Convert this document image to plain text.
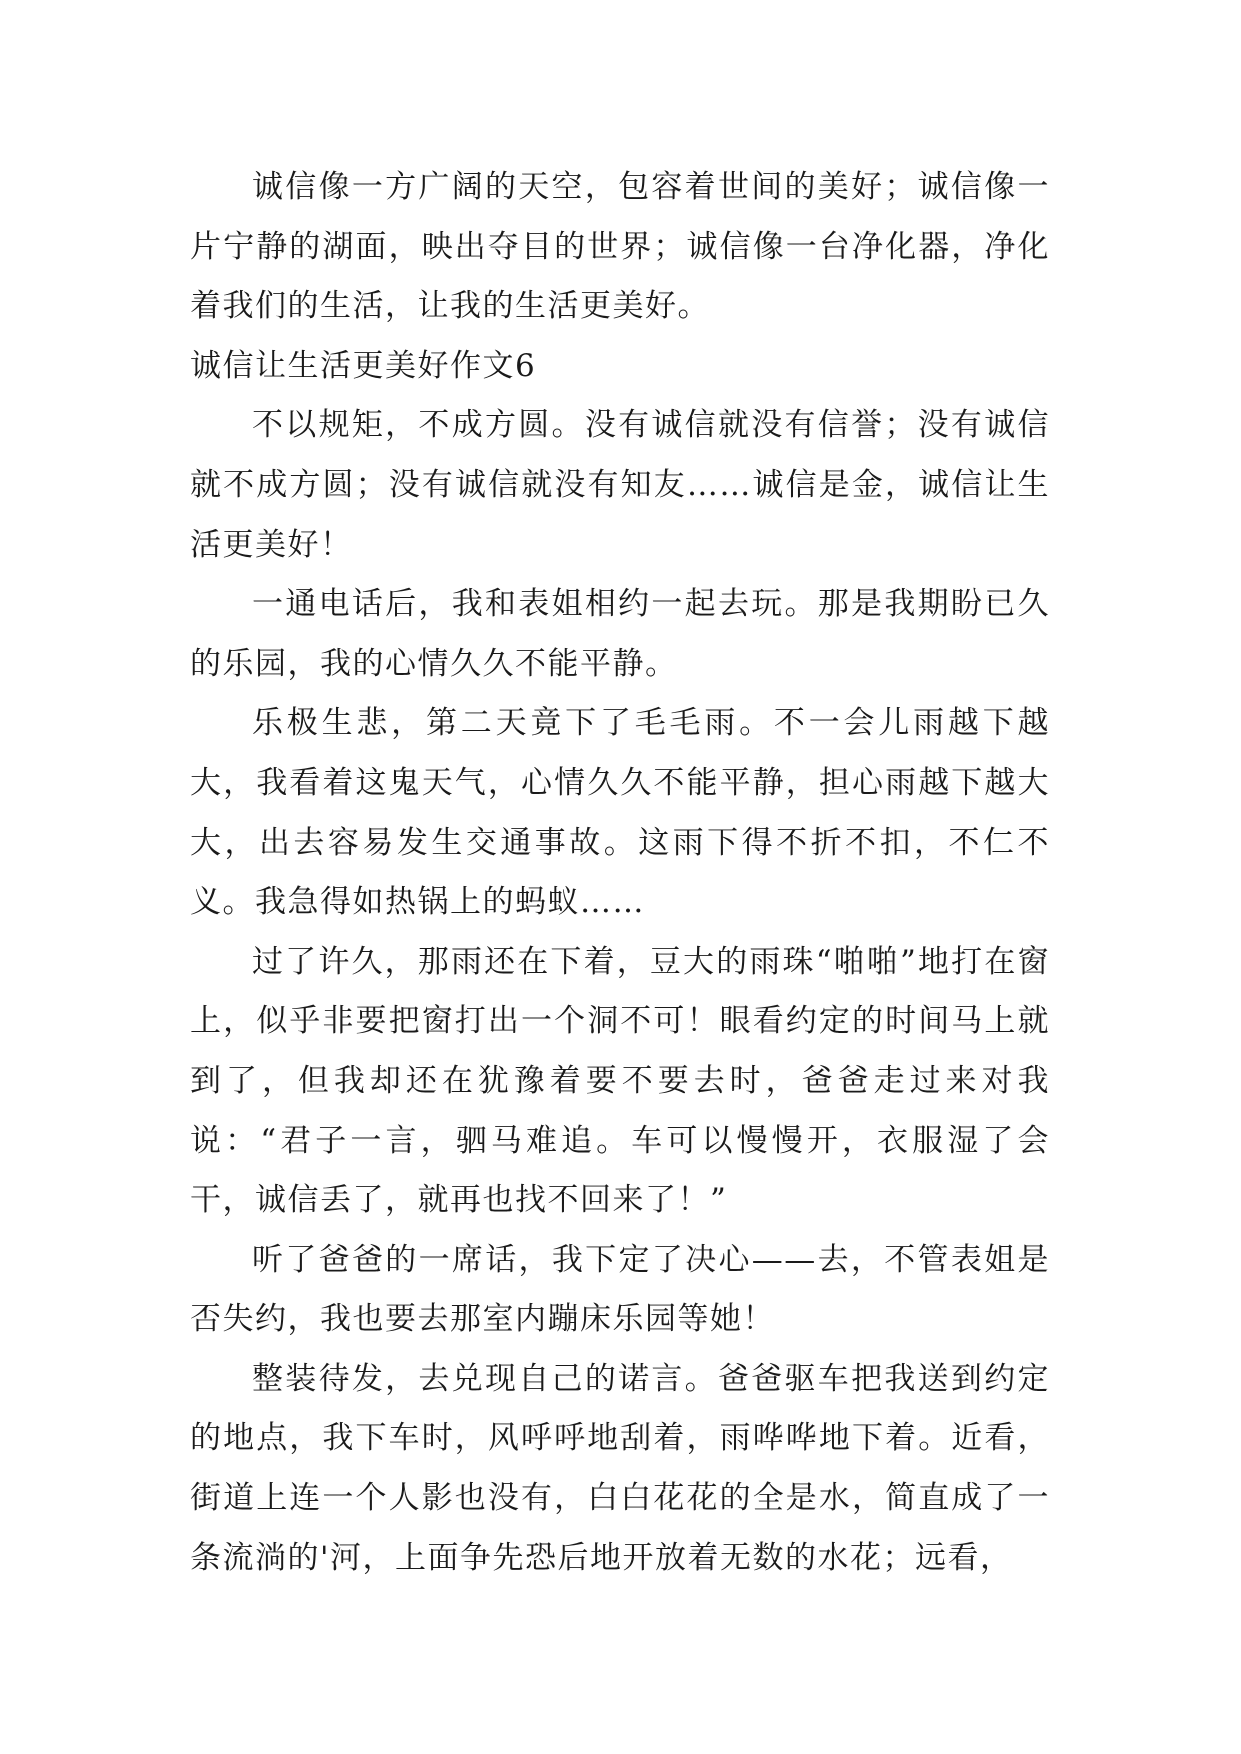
诚信像一方广阔的天空，包容着世间的美好；诚信像一片宁静的湖面，映出夺目的世界；诚信像一台净化器，净化着我们的生活，让我的生活更美好。

诚信让生活更美好作文6

不以规矩，不成方圆。没有诚信就没有信誉；没有诚信就不成方圆；没有诚信就没有知友……诚信是金，诚信让生活更美好！

一通电话后，我和表姐相约一起去玩。那是我期盼已久的乐园，我的心情久久不能平静。

乐极生悲，第二天竟下了毛毛雨。不一会儿雨越下越大，我看着这鬼天气，心情久久不能平静，担心雨越下越大大，出去容易发生交通事故。这雨下得不折不扣，不仁不义。我急得如热锅上的蚂蚁……

过了许久，那雨还在下着，豆大的雨珠“啪啪”地打在窗上，似乎非要把窗打出一个洞不可！眼看约定的时间马上就到了，但我却还在犹豫着要不要去时，爸爸走过来对我说：“君子一言，驷马难追。车可以慢慢开，衣服湿了会干，诚信丢了，就再也找不回来了！”

听了爸爸的一席话，我下定了决心——去，不管表姐是否失约，我也要去那室内蹦床乐园等她！

整装待发，去兑现自己的诺言。爸爸驱车把我送到约定的地点，我下车时，风呼呼地刮着，雨哗哗地下着。近看，街道上连一个人影也没有，白白花花的全是水，简直成了一条流淌的'河，上面争先恐后地开放着无数的水花；远看，
